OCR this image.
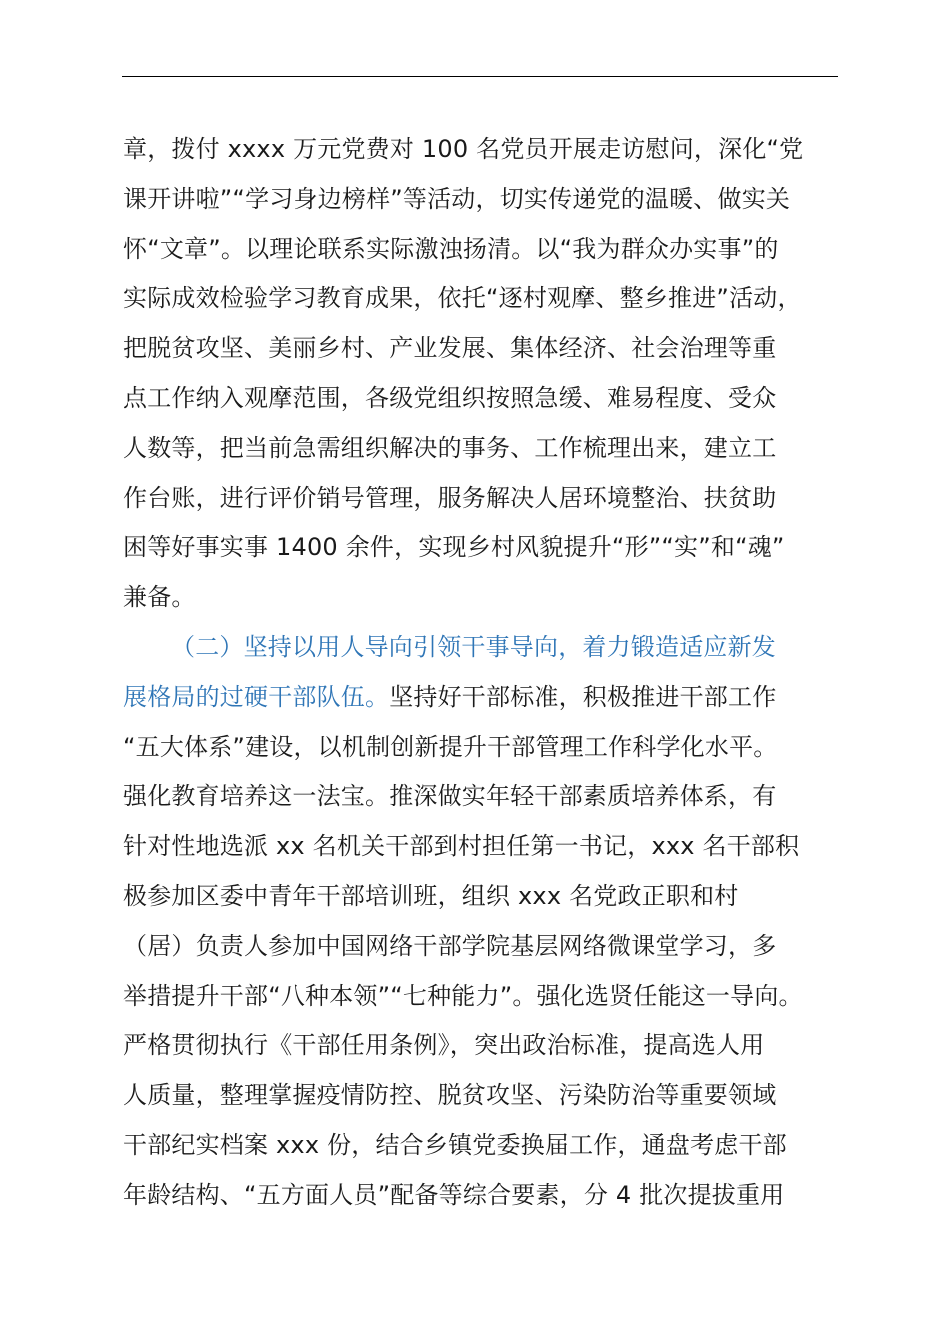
章，拨付 xxxx 万元党费对 100 名党员开展走访慰问，深化“党
课开讲啦”“学习身边榜样”等活动，切实传递党的温暖、做实关
怀“文章”。以理论联系实际激浊扬清。以“我为群众办实事”的
实际成效检验学习教育成果，依托“逐村观摩、整乡推进”活动，
把脱贫攻坚、美丽乡村、产业发展、集体经济、社会治理等重
点工作纳入观摩范围，各级党组织按照急缓、难易程度、受众
人数等，把当前急需组织解决的事务、工作梳理出来，建立工
作台账，进行评价销号管理，服务解决人居环境整治、扶贫助
困等好事实事 1400 余件，实现乡村风貌提升“形”“实”和“魂”
兼备。
（二）坚持以用人导向引领干事导向，着力锻造适应新发
展格局的过硬干部队伍。坚持好干部标准，积极推进干部工作
“五大体系”建设，以机制创新提升干部管理工作科学化水平。
强化教育培养这一法宝。推深做实年轻干部素质培养体系，有
针对性地选派 xx 名机关干部到村担任第一书记，xxx 名干部积
极参加区委中青年干部培训班，组织 xxx 名党政正职和村
（居）负责人参加中国网络干部学院基层网络微课堂学习，多
举措提升干部“八种本领”“七种能力”。强化选贤任能这一导向。
严格贯彻执行《干部任用条例》，突出政治标准，提高选人用
人质量，整理掌握疫情防控、脱贫攻坚、污染防治等重要领域
干部纪实档案 xxx 份，结合乡镇党委换届工作，通盘考虑干部
年龄结构、“五方面人员”配备等综合要素，分 4 批次提拔重用
